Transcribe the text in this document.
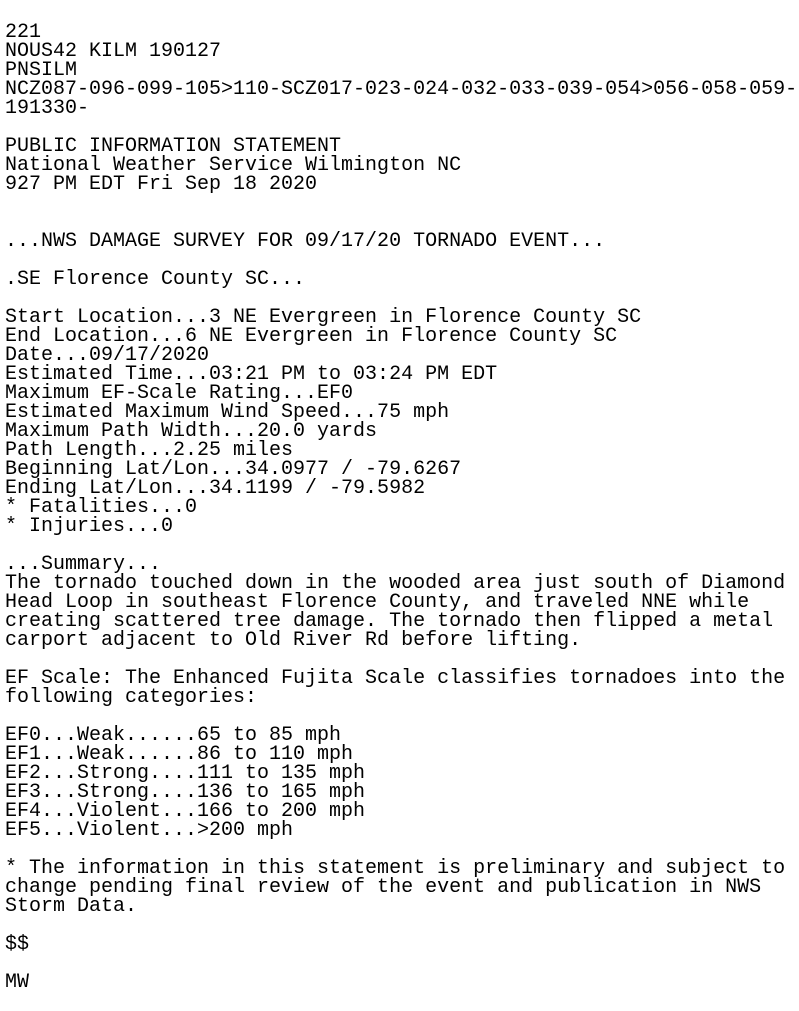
221
NOUS42 KILM 190127
PNSILM
NCZ087-096-099-105>110-SCZ017-023-024-032-033-039-054>056-058-059-
191330-
PUBLIC INFORMATION STATEMENT
National Weather Service Wilmington NC
927 PM EDT Fri Sep 18 2020
...NWS DAMAGE SURVEY FOR 09/17/20 TORNADO EVENT...
.SE Florence County SC...
Start Location...3 NE Evergreen in Florence County SC
End Location...6 NE Evergreen in Florence County SC
Date...09/17/2020
Estimated Time...03:21 PM to 03:24 PM EDT
Maximum EF-Scale Rating...EF0
Estimated Maximum Wind Speed...75 mph
Maximum Path Width...20.0 yards
Path Length...2.25 miles
Beginning Lat/Lon...34.0977 / -79.6267
Ending Lat/Lon...34.1199 / -79.5982
* Fatalities...0
* Injuries...0
...Summary...
The tornado touched down in the wooded area just south of Diamond
Head Loop in southeast Florence County, and traveled NNE while
creating scattered tree damage. The tornado then flipped a metal
carport adjacent to Old River Rd before lifting.
EF Scale: The Enhanced Fujita Scale classifies tornadoes into the
following categories:
EF0...Weak......65 to 85 mph
EF1...Weak......86 to 110 mph
EF2...Strong....111 to 135 mph
EF3...Strong....136 to 165 mph
EF4...Violent...166 to 200 mph
EF5...Violent...>200 mph
* The information in this statement is preliminary and subject to
change pending final review of the event and publication in NWS
Storm Data.
$$
MW
